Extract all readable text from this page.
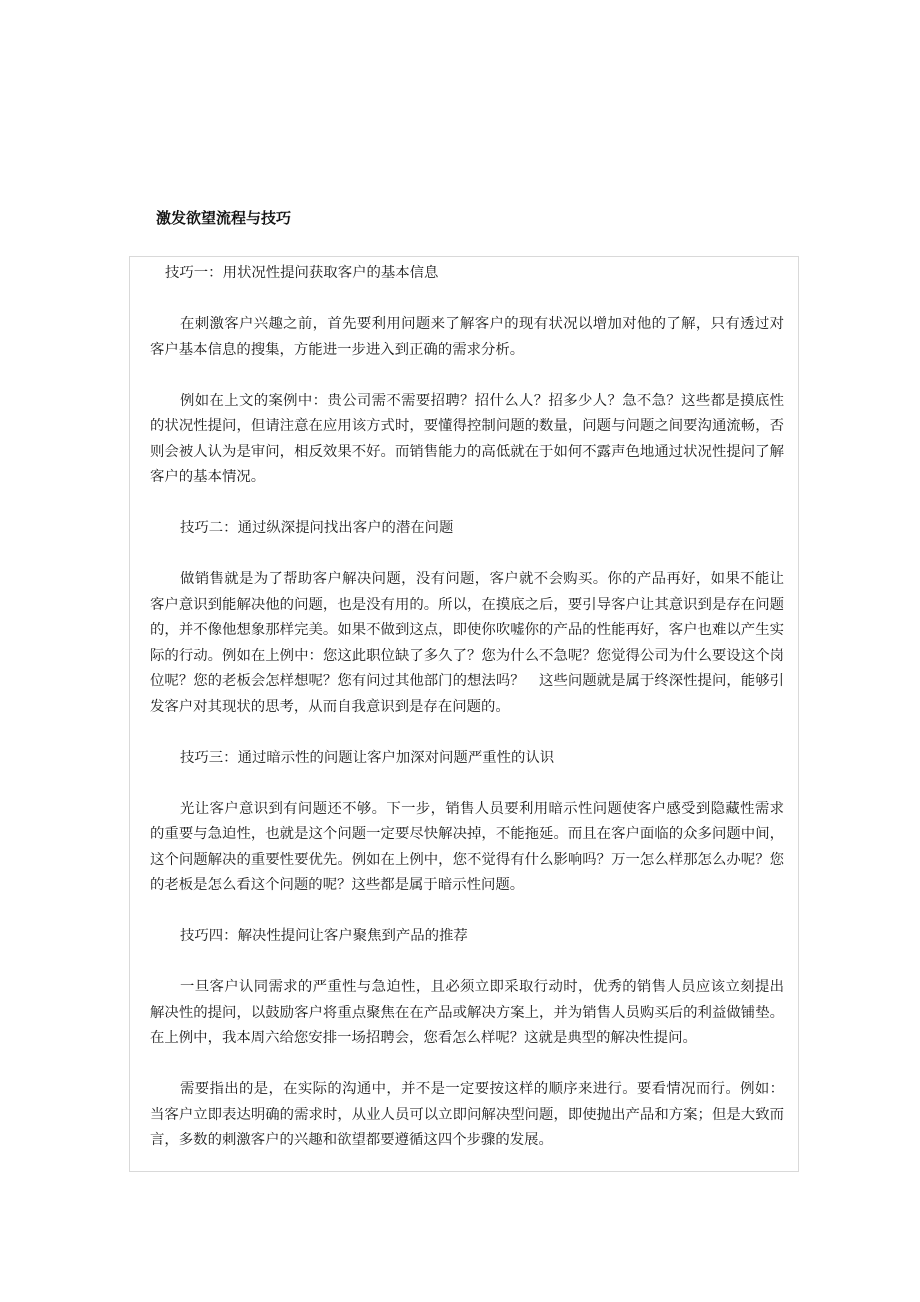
激发欲望流程与技巧

技巧一：用状况性提问获取客户的基本信息

在刺激客户兴趣之前，首先要利用问题来了解客户的现有状况以增加对他的了解，只有透过对客户基本信息的搜集，方能进一步进入到正确的需求分析。

例如在上文的案例中：贵公司需不需要招聘？招什么人？招多少人？急不急？这些都是摸底性的状况性提问，但请注意在应用该方式时，要懂得控制问题的数量，问题与问题之间要沟通流畅，否则会被人认为是审问，相反效果不好。而销售能力的高低就在于如何不露声色地通过状况性提问了解客户的基本情况。

技巧二：通过纵深提问找出客户的潜在问题

做销售就是为了帮助客户解决问题，没有问题，客户就不会购买。你的产品再好，如果不能让客户意识到能解决他的问题，也是没有用的。所以，在摸底之后，要引导客户让其意识到是存在问题的，并不像他想象那样完美。如果不做到这点，即使你吹嘘你的产品的性能再好，客户也难以产生实际的行动。例如在上例中：您这此职位缺了多久了？您为什么不急呢？您觉得公司为什么要设这个岗位呢？您的老板会怎样想呢？您有问过其他部门的想法吗？　这些问题就是属于终深性提问，能够引发客户对其现状的思考，从而自我意识到是存在问题的。

技巧三：通过暗示性的问题让客户加深对问题严重性的认识

光让客户意识到有问题还不够。下一步，销售人员要利用暗示性问题使客户感受到隐藏性需求的重要与急迫性，也就是这个问题一定要尽快解决掉，不能拖延。而且在客户面临的众多问题中间，这个问题解决的重要性要优先。例如在上例中，您不觉得有什么影响吗？万一怎么样那怎么办呢？您的老板是怎么看这个问题的呢？这些都是属于暗示性问题。

技巧四：解决性提问让客户聚焦到产品的推荐

一旦客户认同需求的严重性与急迫性，且必须立即采取行动时，优秀的销售人员应该立刻提出解决性的提问，以鼓励客户将重点聚焦在在产品或解决方案上，并为销售人员购买后的利益做铺垫。在上例中，我本周六给您安排一场招聘会，您看怎么样呢？这就是典型的解决性提问。

需要指出的是，在实际的沟通中，并不是一定要按这样的顺序来进行。要看情况而行。例如：当客户立即表达明确的需求时，从业人员可以立即问解决型问题，即使抛出产品和方案；但是大致而言，多数的刺激客户的兴趣和欲望都要遵循这四个步骤的发展。
